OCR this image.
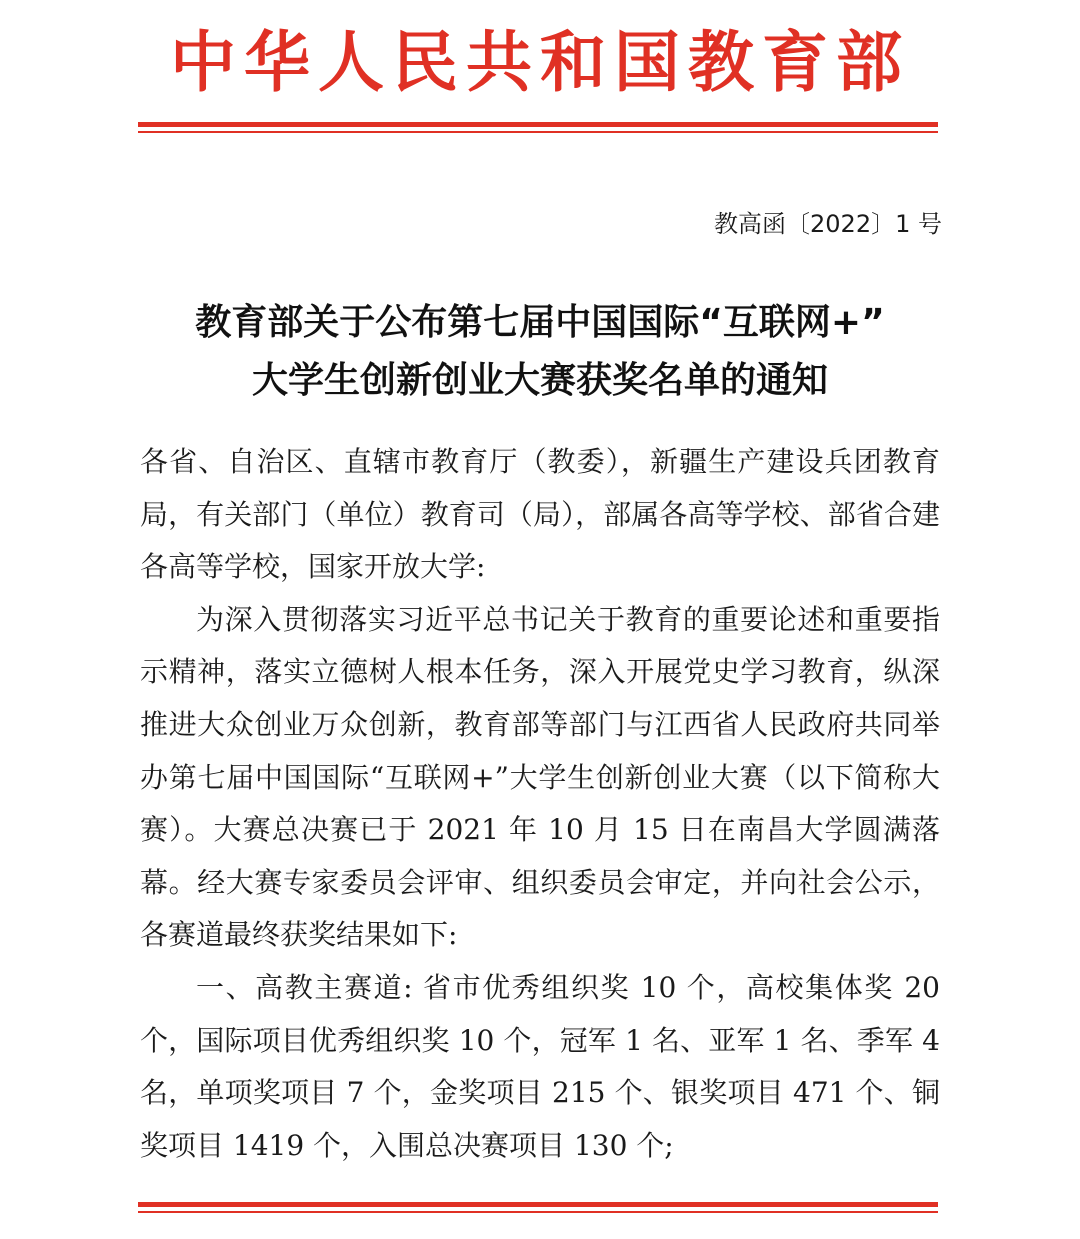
中华人民共和国教育部
教高函〔2022〕1 号
教育部关于公布第七届中国国际“互联网+”
大学生创新创业大赛获奖名单的通知

各省、自治区、直辖市教育厅（教委），新疆生产建设兵团教育局，有关部门（单位）教育司（局），部属各高等学校、部省合建各高等学校，国家开放大学:

为深入贯彻落实习近平总书记关于教育的重要论述和重要指示精神，落实立德树人根本任务，深入开展党史学习教育，纵深推进大众创业万众创新，教育部等部门与江西省人民政府共同举办第七届中国国际“互联网+”大学生创新创业大赛（以下简称大赛）。大赛总决赛已于 2021 年 10 月 15 日在南昌大学圆满落幕。经大赛专家委员会评审、组织委员会审定，并向社会公示，各赛道最终获奖结果如下:

一、高教主赛道: 省市优秀组织奖 10 个，高校集体奖 20 个，国际项目优秀组织奖 10 个，冠军 1 名、亚军 1 名、季军 4 名，单项奖项目 7 个，金奖项目 215 个、银奖项目 471 个、铜奖项目 1419 个，入围总决赛项目 130 个;
